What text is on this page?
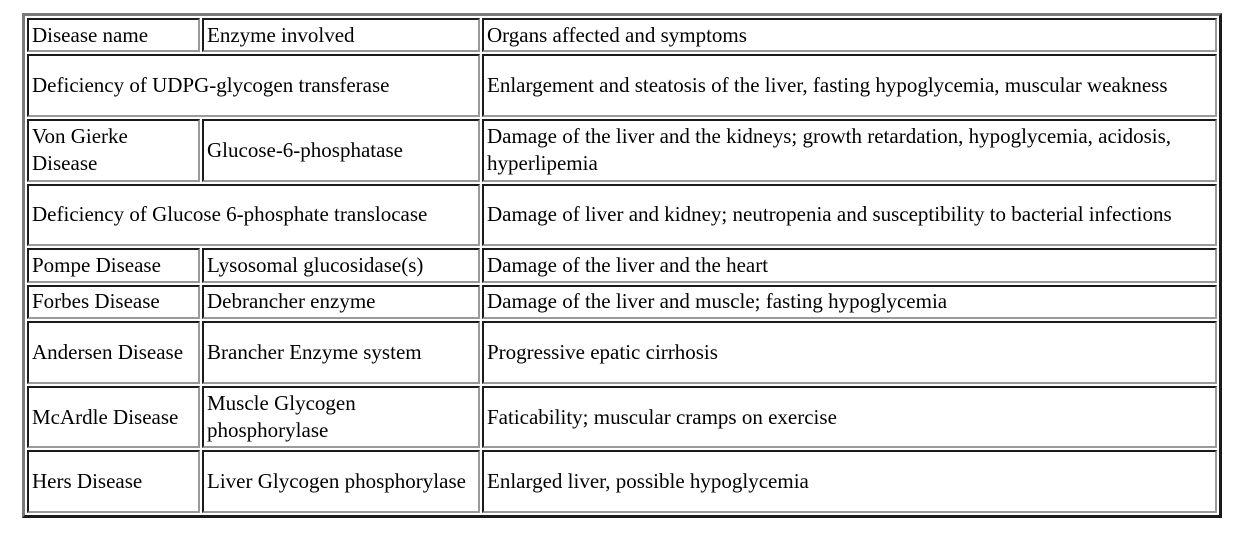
Disease name	Enzyme involved	Organs affected and symptoms
Deficiency of UDPG-glycogen transferase		Enlargement and steatosis of the liver, fasting hypoglycemia, muscular weakness
Von Gierke Disease	Glucose-6-phosphatase	Damage of the liver and the kidneys; growth retardation, hypoglycemia, acidosis, hyperlipemia
Deficiency of Glucose 6-phosphate translocase		Damage of liver and kidney; neutropenia and susceptibility to bacterial infections
Pompe Disease	Lysosomal glucosidase(s)	Damage of the liver and the heart
Forbes Disease	Debrancher enzyme	Damage of the liver and muscle; fasting hypoglycemia
Andersen Disease	Brancher Enzyme system	Progressive epatic cirrhosis
McArdle Disease	Muscle Glycogen phosphorylase	Faticability; muscular cramps on exercise
Hers Disease	Liver Glycogen phosphorylase	Enlarged liver, possible hypoglycemia
